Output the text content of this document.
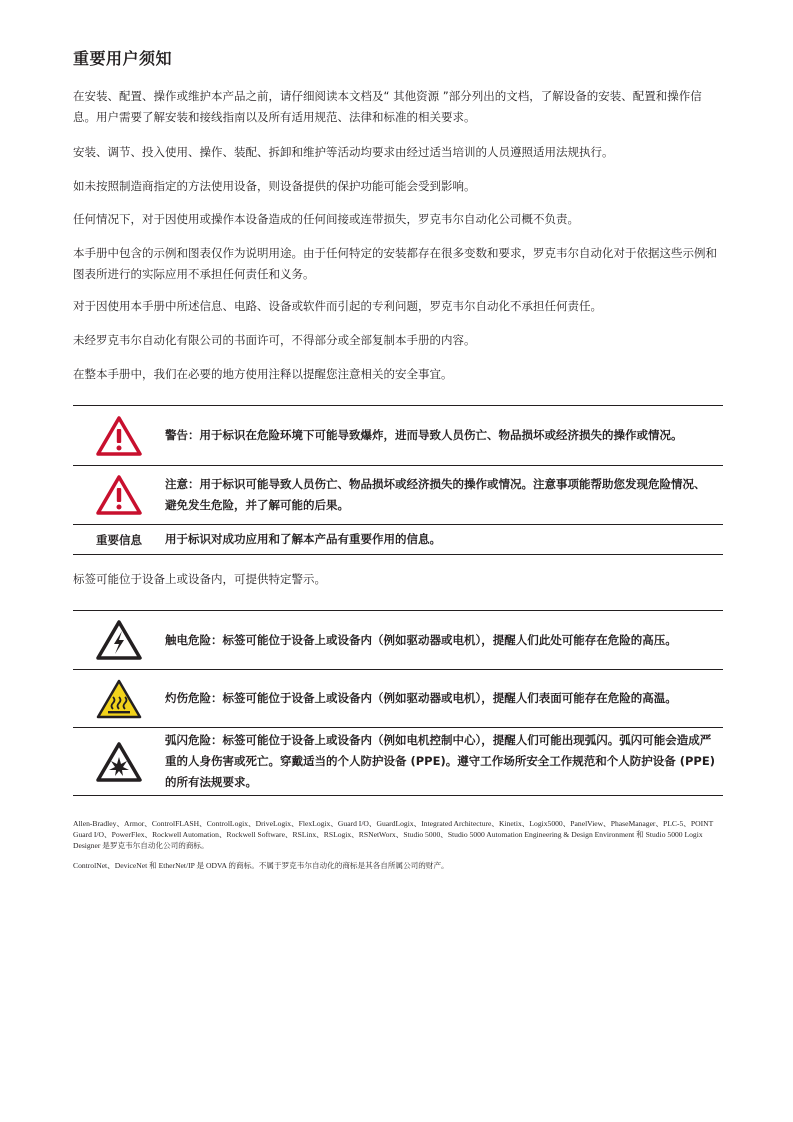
重要用户须知

在安装、配置、操作或维护本产品之前，请仔细阅读本文档及“ 其他资源 ”部分列出的文档，了解设备的安装、配置和操作信息。用户需要了解安装和接线指南以及所有适用规范、法律和标准的相关要求。

安装、调节、投入使用、操作、装配、拆卸和维护等活动均要求由经过适当培训的人员遵照适用法规执行。

如未按照制造商指定的方法使用设备，则设备提供的保护功能可能会受到影响。

任何情况下，对于因使用或操作本设备造成的任何间接或连带损失，罗克韦尔自动化公司概不负责。

本手册中包含的示例和图表仅作为说明用途。由于任何特定的安装都存在很多变数和要求，罗克韦尔自动化对于依据这些示例和图表所进行的实际应用不承担任何责任和义务。

对于因使用本手册中所述信息、电路、设备或软件而引起的专利问题，罗克韦尔自动化不承担任何责任。

未经罗克韦尔自动化有限公司的书面许可，不得部分或全部复制本手册的内容。

在整本手册中，我们在必要的地方使用注释以提醒您注意相关的安全事宜。

警告：用于标识在危险环境下可能导致爆炸，进而导致人员伤亡、物品损坏或经济损失的操作或情况。
注意：用于标识可能导致人员伤亡、物品损坏或经济损失的操作或情况。注意事项能帮助您发现危险情况、避免发生危险，并了解可能的后果。
重要信息	用于标识对成功应用和了解本产品有重要作用的信息。

标签可能位于设备上或设备内，可提供特定警示。

触电危险：标签可能位于设备上或设备内（例如驱动器或电机），提醒人们此处可能存在危险的高压。
灼伤危险：标签可能位于设备上或设备内（例如驱动器或电机），提醒人们表面可能存在危险的高温。
弧闪危险：标签可能位于设备上或设备内（例如电机控制中心），提醒人们可能出现弧闪。弧闪可能会造成严重的人身伤害或死亡。穿戴适当的个人防护设备 (PPE)。遵守工作场所安全工作规范和个人防护设备 (PPE) 的所有法规要求。

Allen-Bradley、Armor、ControlFLASH、ControlLogix、DriveLogix、FlexLogix、Guard I/O、GuardLogix、Integrated Architecture、Kinetix、Logix5000、PanelView、PhaseManager、PLC-5、POINT Guard I/O、PowerFlex、Rockwell Automation、Rockwell Software、RSLinx、RSLogix、RSNetWorx、Studio 5000、Studio 5000 Automation Engineering & Design Environment 和 Studio 5000 Logix Designer 是罗克韦尔自动化公司的商标。

ControlNet、DeviceNet 和 EtherNet/IP 是 ODVA 的商标。不属于罗克韦尔自动化的商标是其各自所属公司的财产。
